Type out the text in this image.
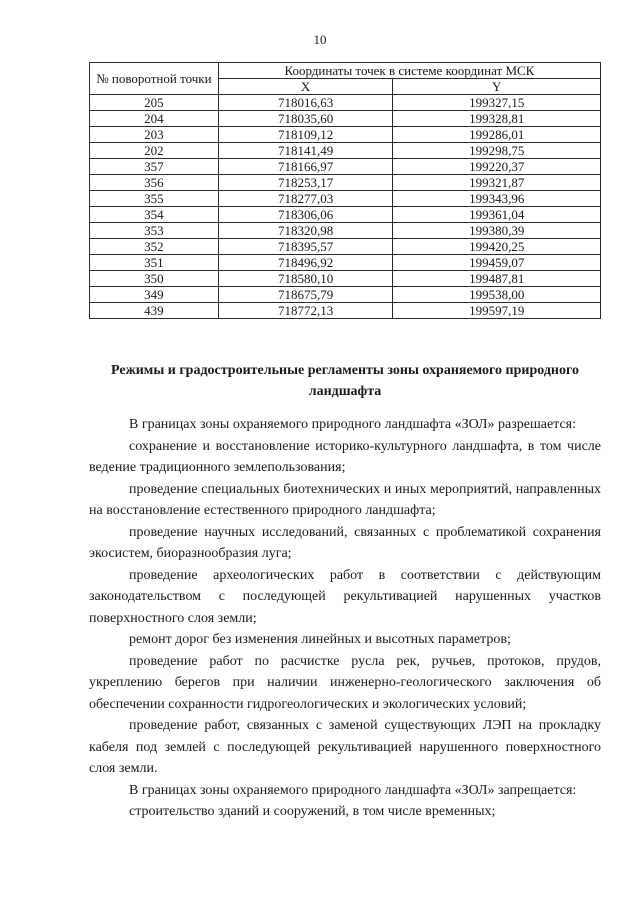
10
№ поворотной точки	Координаты точек в системе координат МСК	
	X	Y
205	718016,63	199327,15
204	718035,60	199328,81
203	718109,12	199286,01
202	718141,49	199298,75
357	718166,97	199220,37
356	718253,17	199321,87
355	718277,03	199343,96
354	718306,06	199361,04
353	718320,98	199380,39
352	718395,57	199420,25
351	718496,92	199459,07
350	718580,10	199487,81
349	718675,79	199538,00
439	718772,13	199597,19
Режимы и градостроительные регламенты зоны охраняемого природного ландшафта

В границах зоны охраняемого природного ландшафта «ЗОЛ» разрешается:

сохранение и восстановление историко-культурного ландшафта, в том числе ведение традиционного землепользования;

проведение специальных биотехнических и иных мероприятий, направленных на восстановление естественного природного ландшафта;

проведение научных исследований, связанных с проблематикой сохранения экосистем, биоразнообразия луга;

проведение археологических работ в соответствии с действующим законодательством с последующей рекультивацией нарушенных участков поверхностного слоя земли;

ремонт дорог без изменения линейных и высотных параметров;

проведение работ по расчистке русла рек, ручьев, протоков, прудов, укреплению берегов при наличии инженерно-геологического заключения об обеспечении сохранности гидрогеологических и экологических условий;

проведение работ, связанных с заменой существующих ЛЭП на прокладку кабеля под землей с последующей рекультивацией нарушенного поверхностного слоя земли.

В границах зоны охраняемого природного ландшафта «ЗОЛ» запрещается:

строительство зданий и сооружений, в том числе временных;
